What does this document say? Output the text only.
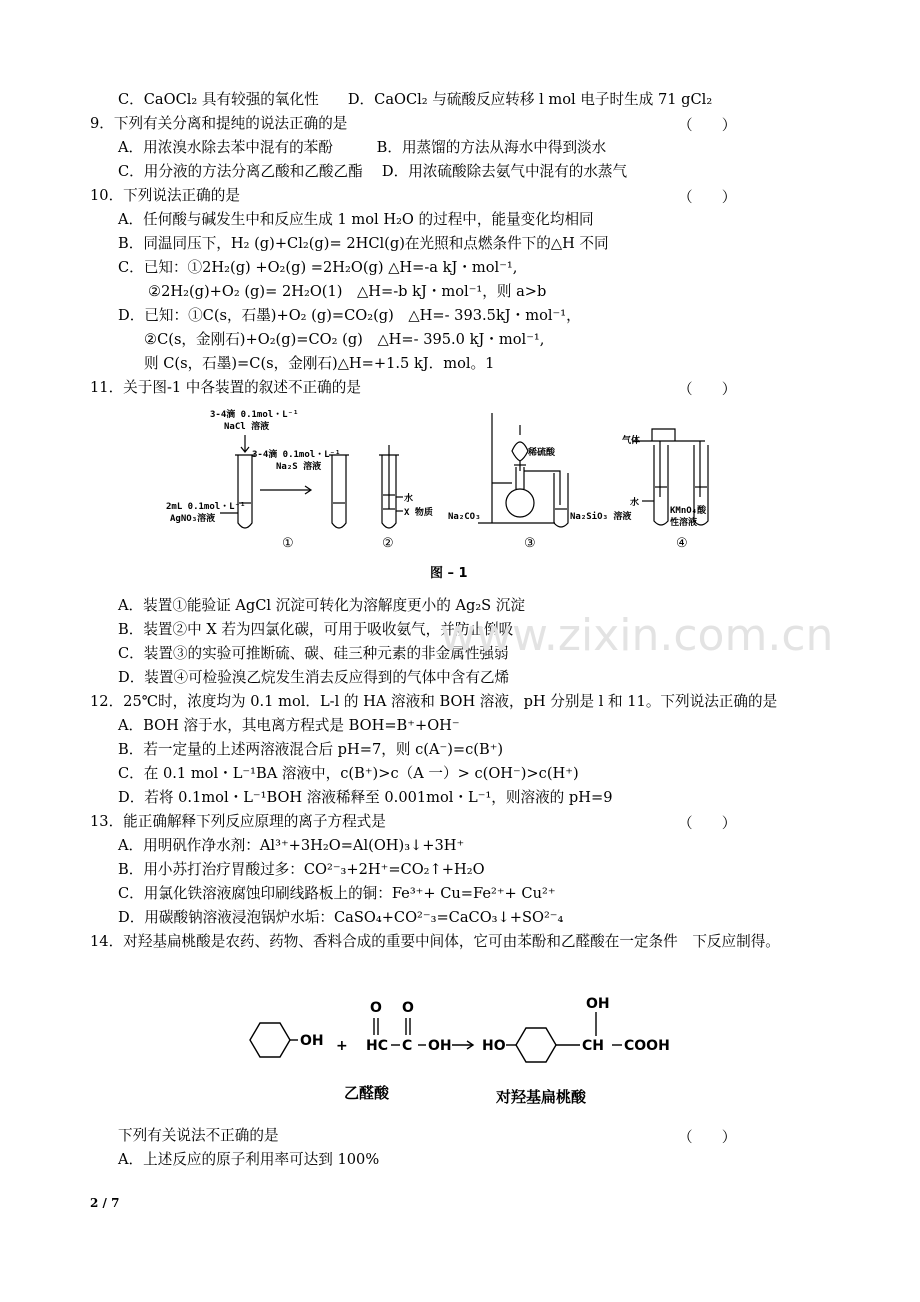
C．CaOCl₂ 具有较强的氧化性　　D．CaOCl₂ 与硫酸反应转移 l mol 电子时生成 71 gCl₂
9．下列有关分离和提纯的说法正确的是
A．用浓溴水除去苯中混有的苯酚　　　B．用蒸馏的方法从海水中得到淡水
C．用分液的方法分离乙酸和乙酸乙酯　 D．用浓硫酸除去氨气中混有的水蒸气
10．下列说法正确的是
A．任何酸与碱发生中和反应生成 1 mol H₂O 的过程中，能量变化均相同
B．同温同压下，H₂ (g)+Cl₂(g)= 2HCl(g)在光照和点燃条件下的△H 不同
C．已知：①2H₂(g) +O₂(g) =2H₂O(g) △H=-a kJ・mol⁻¹,
②2H₂(g)+O₂ (g)= 2H₂O(1)　△H=-b kJ・mol⁻¹，则 a>b
D．已知：①C(s，石墨)+O₂ (g)=CO₂(g)　△H=- 393.5kJ・mol⁻¹，
②C(s，金刚石)+O₂(g)=CO₂ (g)　△H=- 395.0 kJ・mol⁻¹,
则 C(s，石墨)=C(s，金刚石)△H=+1.5 kJ．mol。1
11．关于图-1 中各装置的叙述不正确的是
A．装置①能验证 AgCl 沉淀可转化为溶解度更小的 Ag₂S 沉淀
B．装置②中 X 若为四氯化碳，可用于吸收氨气，并防止倒吸
C．装置③的实验可推断硫、碳、硅三种元素的非金属性强弱
D．装置④可检验溴乙烷发生消去反应得到的气体中含有乙烯
12．25℃时，浓度均为 0.1 mol．L-l 的 HA 溶液和 BOH 溶液，pH 分别是 l 和 11。下列说法正确的是
A．BOH 溶于水，其电离方程式是 BOH=B⁺+OH⁻
B．若一定量的上述两溶液混合后 pH=7，则 c(A⁻)=c(B⁺)
C．在 0.1 mol・L⁻¹BA 溶液中，c(B⁺)>c（A 一）> c(OH⁻)>c(H⁺)
D．若将 0.1mol・L⁻¹BOH 溶液稀释至 0.001mol・L⁻¹，则溶液的 pH=9
13．能正确解释下列反应原理的离子方程式是
A．用明矾作净水剂：Al³⁺+3H₂O=Al(OH)₃↓+3H⁺
B．用小苏打治疗胃酸过多：CO²⁻₃+2H⁺=CO₂↑+H₂O
C．用氯化铁溶液腐蚀印刷线路板上的铜：Fe³⁺+ Cu=Fe²⁺+ Cu²⁺
D．用碳酸钠溶液浸泡锅炉水垢：CaSO₄+CO²⁻₃=CaCO₃↓+SO²⁻₄
14．对羟基扁桃酸是农药、药物、香料合成的重要中间体，它可由苯酚和乙醛酸在一定条件　下反应制得。
下列有关说法不正确的是
A．上述反应的原子利用率可达到 100%
（　　）
（　　）
（　　）
（　　）
（　　）
3-4滴 0.1mol・L⁻¹
NaCl 溶液
3-4滴 0.1mol・L⁻¹
Na₂S 溶液
2mL 0.1mol・L⁻¹
AgNO₃溶液
水
X 物质
稀硫酸
Na₂CO₃	Na₂SiO₃ 溶液
气体
水
KMnO₄酸
性溶液
①	②	③	④
图 – 1
OH +
O O
HC C OH HO
OH
CH COOH
乙醛酸	对羟基扁桃酸
www.zixin.com.cn
2 / 7
